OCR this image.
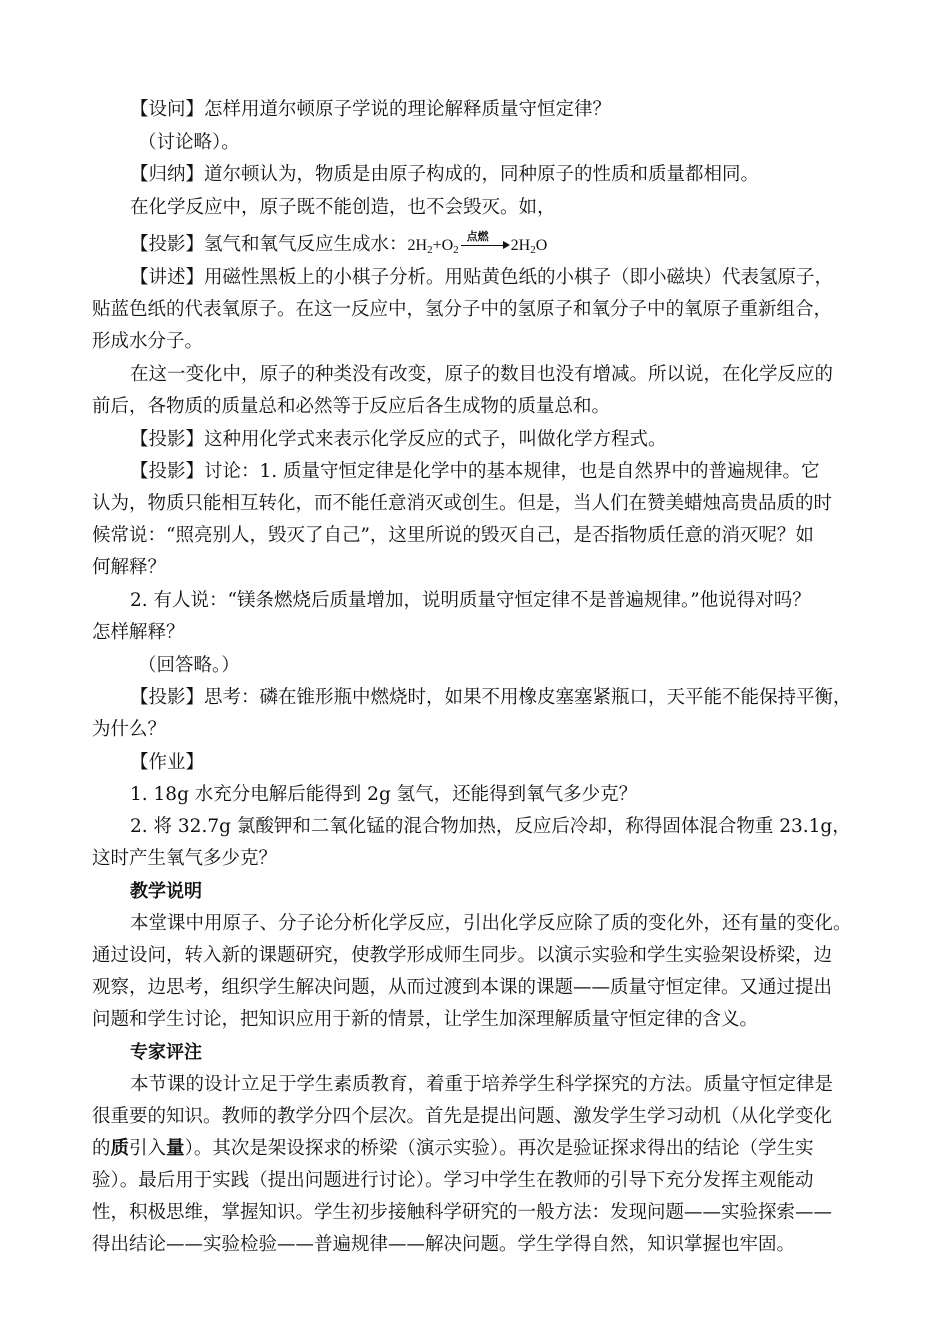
【设问】怎样用道尔顿原子学说的理论解释质量守恒定律？
（讨论略）。
【归纳】道尔顿认为，物质是由原子构成的，同种原子的性质和质量都相同。
在化学反应中，原子既不能创造，也不会毁灭。如，
【投影】氢气和氧气反应生成水：$2H_2+O_2$
点燃
$2H_2O$
【讲述】用磁性黑板上的小棋子分析。用贴黄色纸的小棋子（即小磁块）代表氢原子，
贴蓝色纸的代表氧原子。在这一反应中，氢分子中的氢原子和氧分子中的氧原子重新组合，
形成水分子。
在这一变化中，原子的种类没有改变，原子的数目也没有增减。所以说，在化学反应的
前后，各物质的质量总和必然等于反应后各生成物的质量总和。
【投影】这种用化学式来表示化学反应的式子，叫做化学方程式。
【投影】讨论：1. 质量守恒定律是化学中的基本规律，也是自然界中的普遍规律。它
认为，物质只能相互转化，而不能任意消灭或创生。但是，当人们在赞美蜡烛高贵品质的时
候常说：“照亮别人，毁灭了自己”，这里所说的毁灭自己，是否指物质任意的消灭呢？如
何解释？
2. 有人说：“镁条燃烧后质量增加，说明质量守恒定律不是普遍规律。”他说得对吗？
怎样解释？
（回答略。）
【投影】思考：磷在锥形瓶中燃烧时，如果不用橡皮塞塞紧瓶口，天平能不能保持平衡，
为什么？
【作业】
1. 18g 水充分电解后能得到 2g 氢气，还能得到氧气多少克？
2. 将 32.7g 氯酸钾和二氧化锰的混合物加热，反应后冷却，称得固体混合物重 23.1g，
这时产生氧气多少克？
教学说明
本堂课中用原子、分子论分析化学反应，引出化学反应除了质的变化外，还有量的变化。
通过设问，转入新的课题研究，使教学形成师生同步。以演示实验和学生实验架设桥梁，边
观察，边思考，组织学生解决问题，从而过渡到本课的课题——质量守恒定律。又通过提出
问题和学生讨论，把知识应用于新的情景，让学生加深理解质量守恒定律的含义。
专家评注
本节课的设计立足于学生素质教育，着重于培养学生科学探究的方法。质量守恒定律是
很重要的知识。教师的教学分四个层次。首先是提出问题、激发学生学习动机（从化学变化
的质引入量）。其次是架设探求的桥梁（演示实验）。再次是验证探求得出的结论（学生实
验）。最后用于实践（提出问题进行讨论）。学习中学生在教师的引导下充分发挥主观能动
性，积极思维，掌握知识。学生初步接触科学研究的一般方法：发现问题——实验探索——
得出结论——实验检验——普遍规律——解决问题。学生学得自然，知识掌握也牢固。
